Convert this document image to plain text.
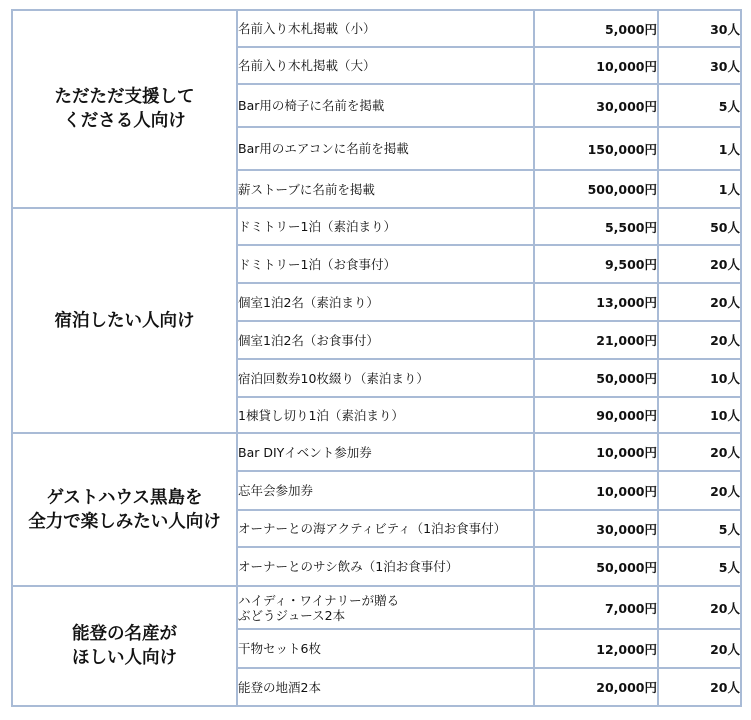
ただただ支援して
くださる人向け	名前入り木札掲載（小）	5,000円	30人

	名前入り木札掲載（大）	10,000円	30人

	Bar用の椅子に名前を掲載	30,000円	5人

	Bar用のエアコンに名前を掲載	150,000円	1人

	薪ストーブに名前を掲載	500,000円	1人

宿泊したい人向け	ドミトリー1泊（素泊まり）	5,500円	50人

	ドミトリー1泊（お食事付）	9,500円	20人

	個室1泊2名（素泊まり）	13,000円	20人

	個室1泊2名（お食事付）	21,000円	20人

	宿泊回数券10枚綴り（素泊まり）	50,000円	10人

	1棟貸し切り1泊（素泊まり）	90,000円	10人

ゲストハウス黒島を
全力で楽しみたい人向け	Bar DIYイベント参加券	10,000円	20人

	忘年会参加券	10,000円	20人

	オーナーとの海アクティビティ（1泊お食事付）	30,000円	5人

	オーナーとのサシ飲み（1泊お食事付）	50,000円	5人

能登の名産が
ほしい人向け	ハイディ・ワイナリーが贈る
ぶどうジュース2本	7,000円	20人

	干物セット6枚	12,000円	20人

	能登の地酒2本	20,000円	20人
